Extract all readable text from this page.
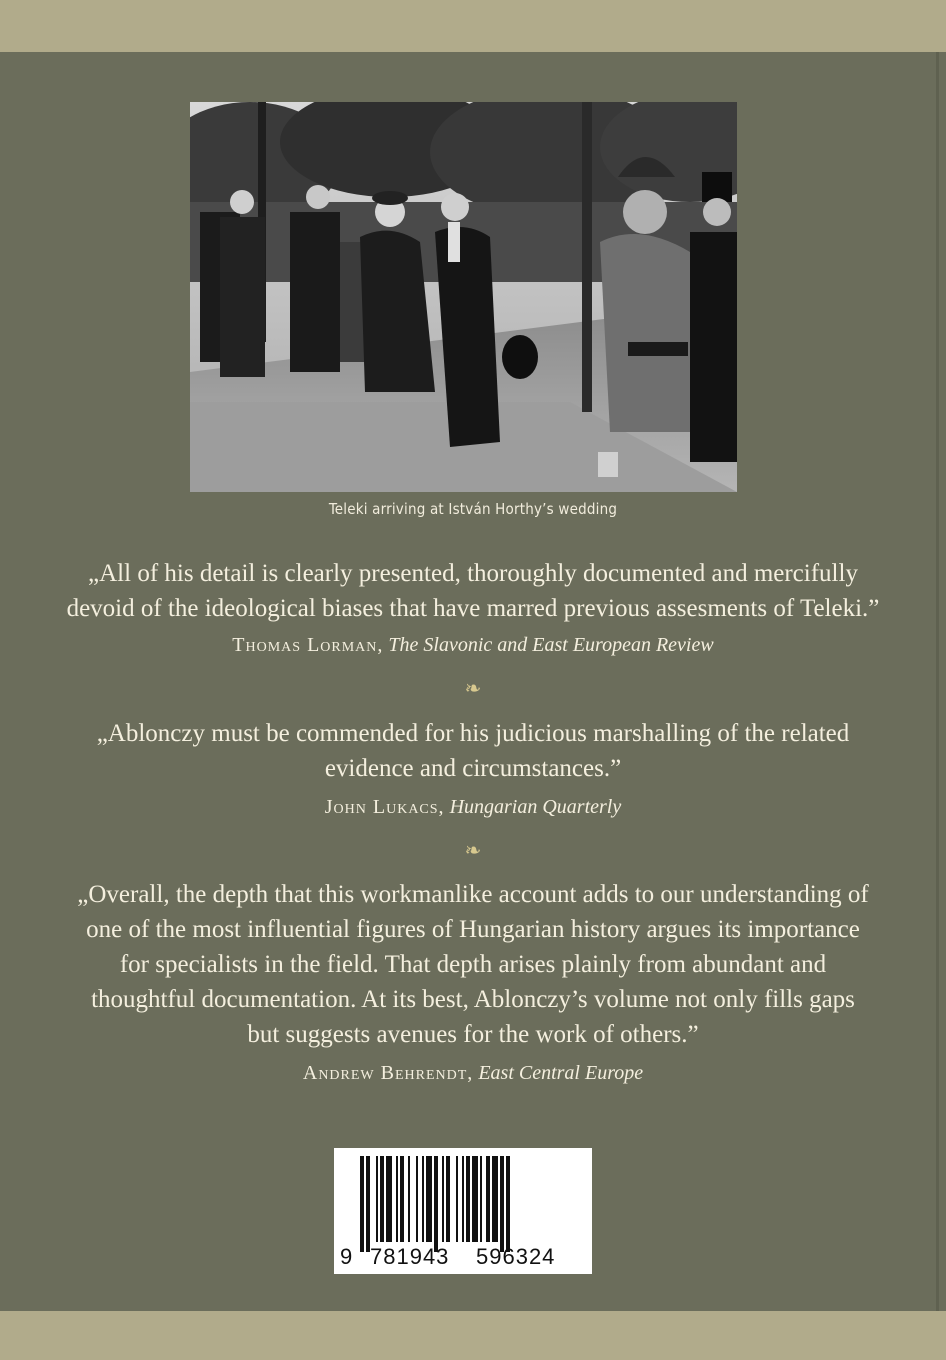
Teleki arriving at István Horthy’s wedding
„All of his detail is clearly presented, thoroughly documented and mercifully
devoid of the ideological biases that have marred previous assesments of Teleki.”
Thomas Lorman, The Slavonic and East European Review
❧
„Ablonczy must be commended for his judicious marshalling of the related
evidence and circumstances.”
John Lukacs, Hungarian Quarterly
❧
„Overall, the depth that this workmanlike account adds to our understanding of
one of the most influential figures of Hungarian history argues its importance
for specialists in the field. That depth arises plainly from abundant and
thoughtful documentation. At its best, Ablonczy’s volume not only fills gaps
but suggests avenues for the work of others.”
Andrew Behrendt, East Central Europe
9 781943 596324
